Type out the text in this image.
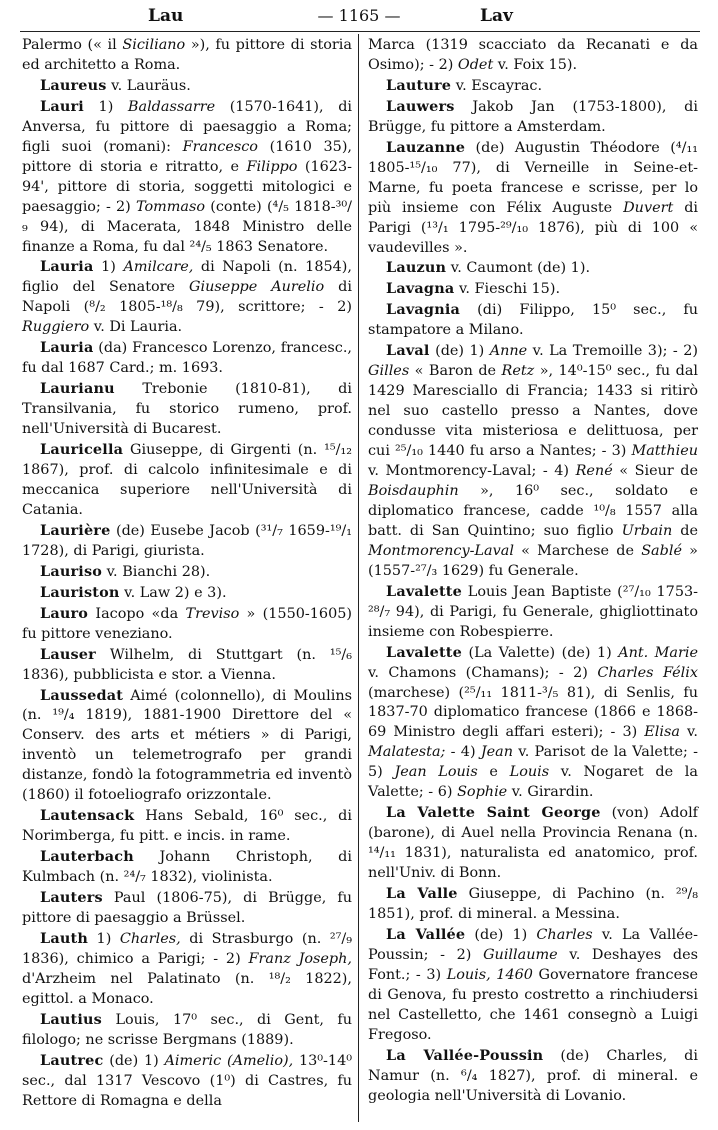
— 1165 —
Lau	Lav

Palermo (« il Siciliano »), fu pittore di storia ed architetto a Roma.

Laureus v. Lauräus.

Lauri 1) Baldassarre (1570-1641), di Anversa, fu pittore di paesaggio a Roma; figli suoi (romani): Francesco (1610 35), pittore di storia e ritratto, e Filippo (1623-94', pittore di storia, soggetti mitologici e paesaggio; - 2) Tommaso (conte) (⁴/₅ 1818-³⁰/₉ 94), di Macerata, 1848 Ministro delle finanze a Roma, fu dal ²⁴/₅ 1863 Senatore.

Lauria 1) Amilcare, di Napoli (n. 1854), figlio del Senatore Giuseppe Aurelio di Napoli (⁸/₂ 1805-¹⁸/₈ 79), scrittore; - 2) Ruggiero v. Di Lauria.

Lauria (da) Francesco Lorenzo, francesc., fu dal 1687 Card.; m. 1693.

Laurianu Trebonie (1810-81), di Transilvania, fu storico rumeno, prof. nell'Università di Bucarest.

Lauricella Giuseppe, di Girgenti (n. ¹⁵/₁₂ 1867), prof. di calcolo infinitesimale e di meccanica superiore nell'Università di Catania.

Laurière (de) Eusebe Jacob (³¹/₇ 1659-¹⁹/₁ 1728), di Parigi, giurista.

Lauriso v. Bianchi 28).

Lauriston v. Law 2) e 3).

Lauro Iacopo «da Treviso » (1550-1605) fu pittore veneziano.

Lauser Wilhelm, di Stuttgart (n. ¹⁵/₆ 1836), pubblicista e stor. a Vienna.

Laussedat Aimé (colonnello), di Moulins (n. ¹⁹/₄ 1819), 1881-1900 Direttore del « Conserv. des arts et métiers » di Parigi, inventò un telemetrografo per grandi distanze, fondò la fotogrammetria ed inventò (1860) il fotoeliografo orizzontale.

Lautensack Hans Sebald, 16⁰ sec., di Norimberga, fu pitt. e incis. in rame.

Lauterbach Johann Christoph, di Kulmbach (n. ²⁴/₇ 1832), violinista.

Lauters Paul (1806-75), di Brügge, fu pittore di paesaggio a Brüssel.

Lauth 1) Charles, di Strasburgo (n. ²⁷/₉ 1836), chimico a Parigi; - 2) Franz Joseph, d'Arzheim nel Palatinato (n. ¹⁸/₂ 1822), egittol. a Monaco.

Lautius Louis, 17⁰ sec., di Gent, fu filologo; ne scrisse Bergmans (1889).

Lautrec (de) 1) Aimeric (Amelio), 13⁰-14⁰ sec., dal 1317 Vescovo (1⁰) di Castres, fu Rettore di Romagna e della

Marca (1319 scacciato da Recanati e da Osimo); - 2) Odet v. Foix 15).

Lauture v. Escayrac.

Lauwers Jakob Jan (1753-1800), di Brügge, fu pittore a Amsterdam.

Lauzanne (de) Augustin Théodore (⁴/₁₁ 1805-¹⁵/₁₀ 77), di Verneille in Seine-et-Marne, fu poeta francese e scrisse, per lo più insieme con Félix Auguste Duvert di Parigi (¹³/₁ 1795-²⁹/₁₀ 1876), più di 100 « vaudevilles ».

Lauzun v. Caumont (de) 1).

Lavagna v. Fieschi 15).

Lavagnia (di) Filippo, 15⁰ sec., fu stampatore a Milano.

Laval (de) 1) Anne v. La Tremoille 3); - 2) Gilles « Baron de Retz », 14⁰-15⁰ sec., fu dal 1429 Maresciallo di Francia; 1433 si ritirò nel suo castello presso a Nantes, dove condusse vita misteriosa e delittuosa, per cui ²⁵/₁₀ 1440 fu arso a Nantes; - 3) Matthieu v. Montmorency-Laval; - 4) René « Sieur de Boisdauphin », 16⁰ sec., soldato e diplomatico francese, cadde ¹⁰/₈ 1557 alla batt. di San Quintino; suo figlio Urbain de Montmorency-Laval « Marchese de Sablé » (1557-²⁷/₃ 1629) fu Generale.

Lavalette Louis Jean Baptiste (²⁷/₁₀ 1753-²⁸/₇ 94), di Parigi, fu Generale, ghigliottinato insieme con Robespierre.

Lavalette (La Valette) (de) 1) Ant. Marie v. Chamons (Chamans); - 2) Charles Félix (marchese) (²⁵/₁₁ 1811-³/₅ 81), di Senlis, fu 1837-70 diplomatico francese (1866 e 1868-69 Ministro degli affari esteri); - 3) Elisa v. Malatesta; - 4) Jean v. Parisot de la Valette; - 5) Jean Louis e Louis v. Nogaret de la Valette; - 6) Sophie v. Girardin.

La Valette Saint George (von) Adolf (barone), di Auel nella Provincia Renana (n. ¹⁴/₁₁ 1831), naturalista ed anatomico, prof. nell'Univ. di Bonn.

La Valle Giuseppe, di Pachino (n. ²⁹/₈ 1851), prof. di mineral. a Messina.

La Vallée (de) 1) Charles v. La Vallée-Poussin; - 2) Guillaume v. Deshayes des Font.; - 3) Louis, 1460 Governatore francese di Genova, fu presto costretto a rinchiudersi nel Castelletto, che 1461 consegnò a Luigi Fregoso.

La Vallée-Poussin (de) Charles, di Namur (n. ⁶/₄ 1827), prof. di mineral. e geologia nell'Università di Lovanio.
